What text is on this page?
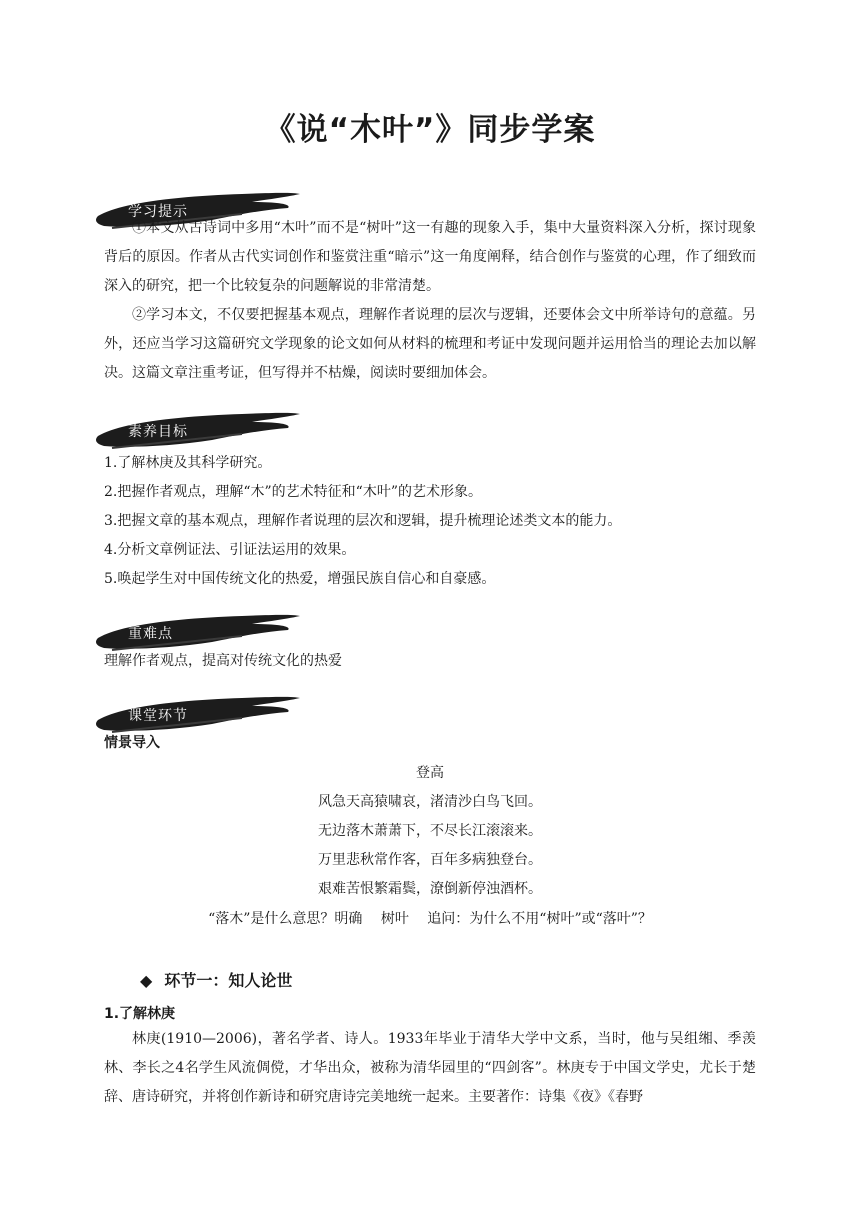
《说“木叶”》同步学案
学习提示

①本文从古诗词中多用“木叶”而不是“树叶”这一有趣的现象入手，集中大量资料深入分析，探讨现象背后的原因。作者从古代实词创作和鉴赏注重“暗示”这一角度阐释，结合创作与鉴赏的心理，作了细致而深入的研究，把一个比较复杂的问题解说的非常清楚。

②学习本文，不仅要把握基本观点，理解作者说理的层次与逻辑，还要体会文中所举诗句的意蕴。另外，还应当学习这篇研究文学现象的论文如何从材料的梳理和考证中发现问题并运用恰当的理论去加以解决。这篇文章注重考证，但写得并不枯燥，阅读时要细加体会。

素养目标
1.了解林庚及其科学研究。
2.把握作者观点，理解“木”的艺术特征和“木叶”的艺术形象。
3.把握文章的基本观点，理解作者说理的层次和逻辑，提升梳理论述类文本的能力。
4.分析文章例证法、引证法运用的效果。
5.唤起学生对中国传统文化的热爱，增强民族自信心和自豪感。
重难点
理解作者观点，提高对传统文化的热爱
课堂环节
情景导入
登高
风急天高猿啸哀，渚清沙白鸟飞回。
无边落木萧萧下，不尽长江滚滚来。
万里悲秋常作客，百年多病独登台。
艰难苦恨繁霜鬓，潦倒新停浊酒杯。
“落木”是什么意思？明确　 树叶　 追问：为什么不用“树叶”或“落叶”？
◆ 环节一：知人论世
1.了解林庚

林庚(1910—2006)，著名学者、诗人。1933年毕业于清华大学中文系，当时，他与吴组缃、季羡林、李长之4名学生风流倜傥，才华出众，被称为清华园里的“四剑客”。林庚专于中国文学史，尤长于楚辞、唐诗研究，并将创作新诗和研究唐诗完美地统一起来。主要著作：诗集《夜》《春野
